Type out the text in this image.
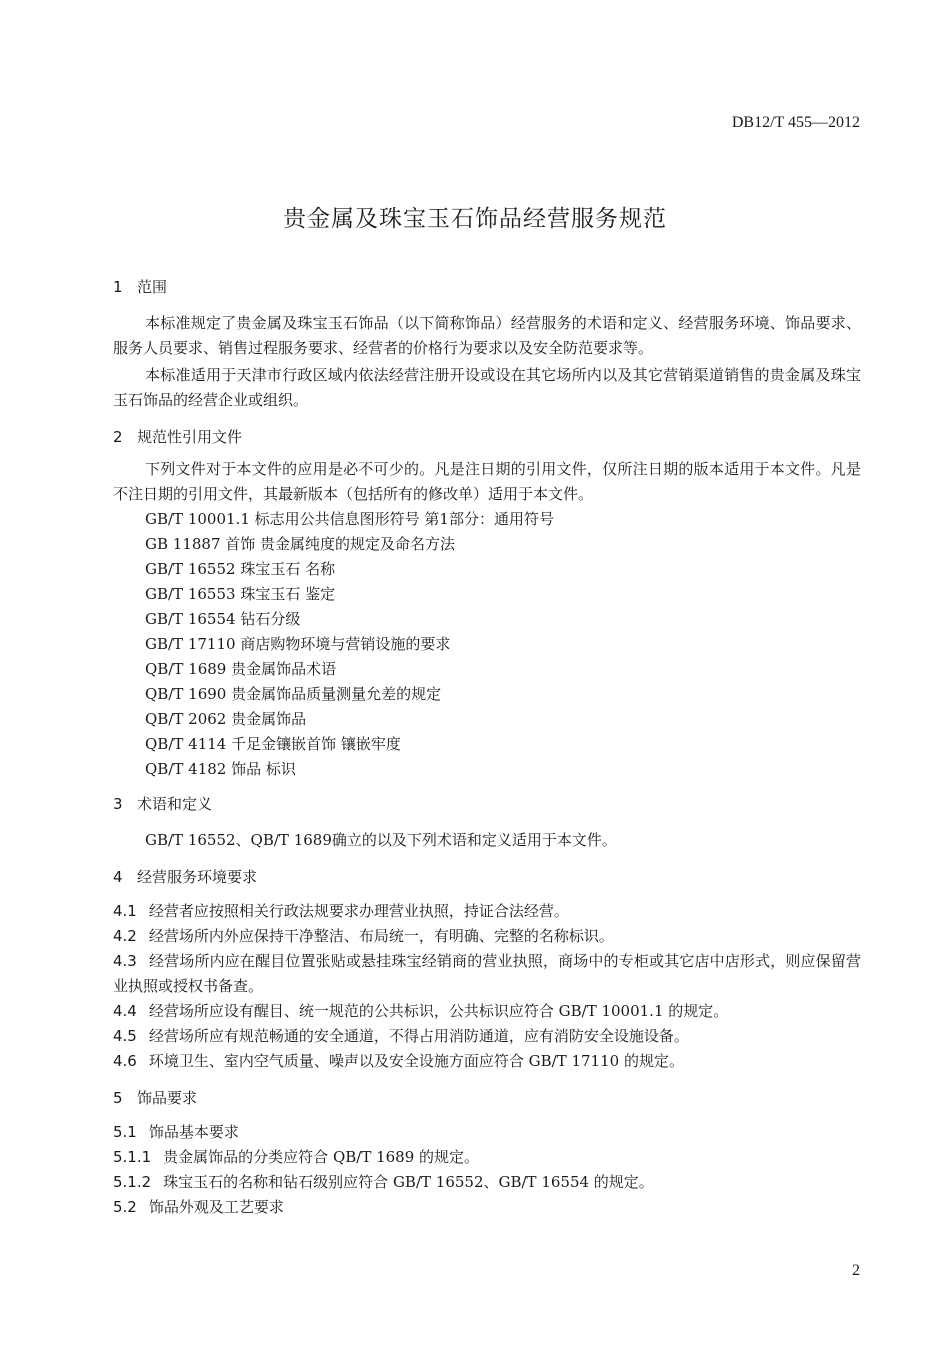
DB12/T 455—2012
贵金属及珠宝玉石饰品经营服务规范

1 范围

本标准规定了贵金属及珠宝玉石饰品（以下简称饰品）经营服务的术语和定义、经营服务环境、饰品要求、服务人员要求、销售过程服务要求、经营者的价格行为要求以及安全防范要求等。

本标准适用于天津市行政区域内依法经营注册开设或设在其它场所内以及其它营销渠道销售的贵金属及珠宝玉石饰品的经营企业或组织。

2 规范性引用文件

下列文件对于本文件的应用是必不可少的。凡是注日期的引用文件，仅所注日期的版本适用于本文件。凡是不注日期的引用文件，其最新版本（包括所有的修改单）适用于本文件。

GB/T 10001.1 标志用公共信息图形符号 第1部分：通用符号

GB 11887 首饰 贵金属纯度的规定及命名方法

GB/T 16552 珠宝玉石 名称

GB/T 16553 珠宝玉石 鉴定

GB/T 16554 钻石分级

GB/T 17110 商店购物环境与营销设施的要求

QB/T 1689 贵金属饰品术语

QB/T 1690 贵金属饰品质量测量允差的规定

QB/T 2062 贵金属饰品

QB/T 4114 千足金镶嵌首饰 镶嵌牢度

QB/T 4182 饰品 标识

3 术语和定义

GB/T 16552、QB/T 1689确立的以及下列术语和定义适用于本文件。

4 经营服务环境要求

4.1 经营者应按照相关行政法规要求办理营业执照，持证合法经营。

4.2 经营场所内外应保持干净整洁、布局统一，有明确、完整的名称标识。

4.3 经营场所内应在醒目位置张贴或悬挂珠宝经销商的营业执照，商场中的专柜或其它店中店形式，则应保留营业执照或授权书备查。

4.4 经营场所应设有醒目、统一规范的公共标识，公共标识应符合 GB/T 10001.1 的规定。

4.5 经营场所应有规范畅通的安全通道，不得占用消防通道，应有消防安全设施设备。

4.6 环境卫生、室内空气质量、噪声以及安全设施方面应符合 GB/T 17110 的规定。

5 饰品要求

5.1 饰品基本要求

5.1.1 贵金属饰品的分类应符合 QB/T 1689 的规定。

5.1.2 珠宝玉石的名称和钻石级别应符合 GB/T 16552、GB/T 16554 的规定。

5.2 饰品外观及工艺要求

2
